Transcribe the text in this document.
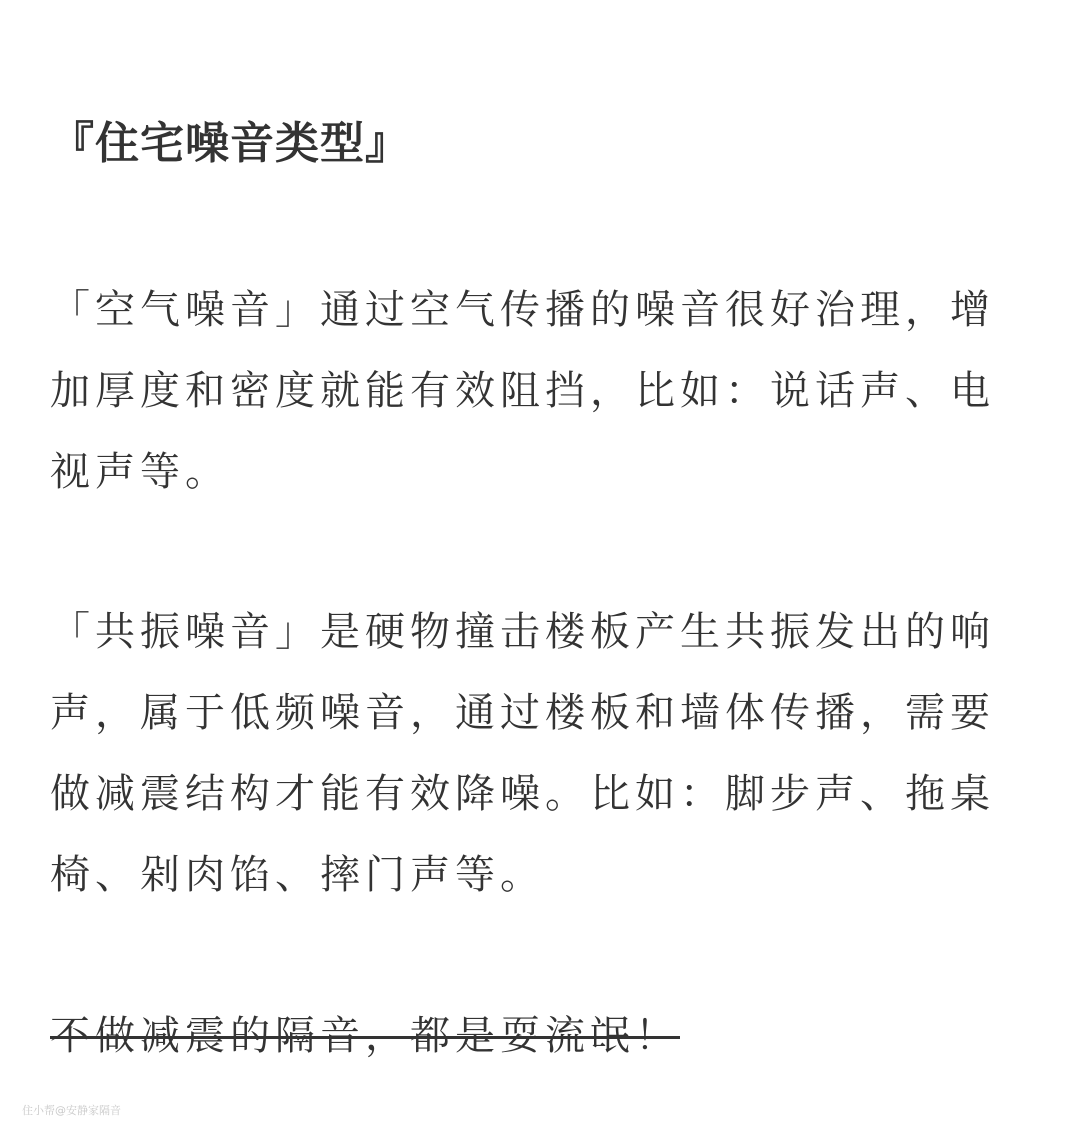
『住宅噪音类型』

「空气噪音」通过空气传播的噪音很好治理，增加厚度和密度就能有效阻挡，比如：说话声、电视声等。

「共振噪音」是硬物撞击楼板产生共振发出的响声，属于低频噪音，通过楼板和墙体传播，需要做减震结构才能有效降噪。比如：脚步声、拖桌椅、剁肉馅、摔门声等。

不做减震的隔音，都是耍流氓！
住小帮@安静家隔音
